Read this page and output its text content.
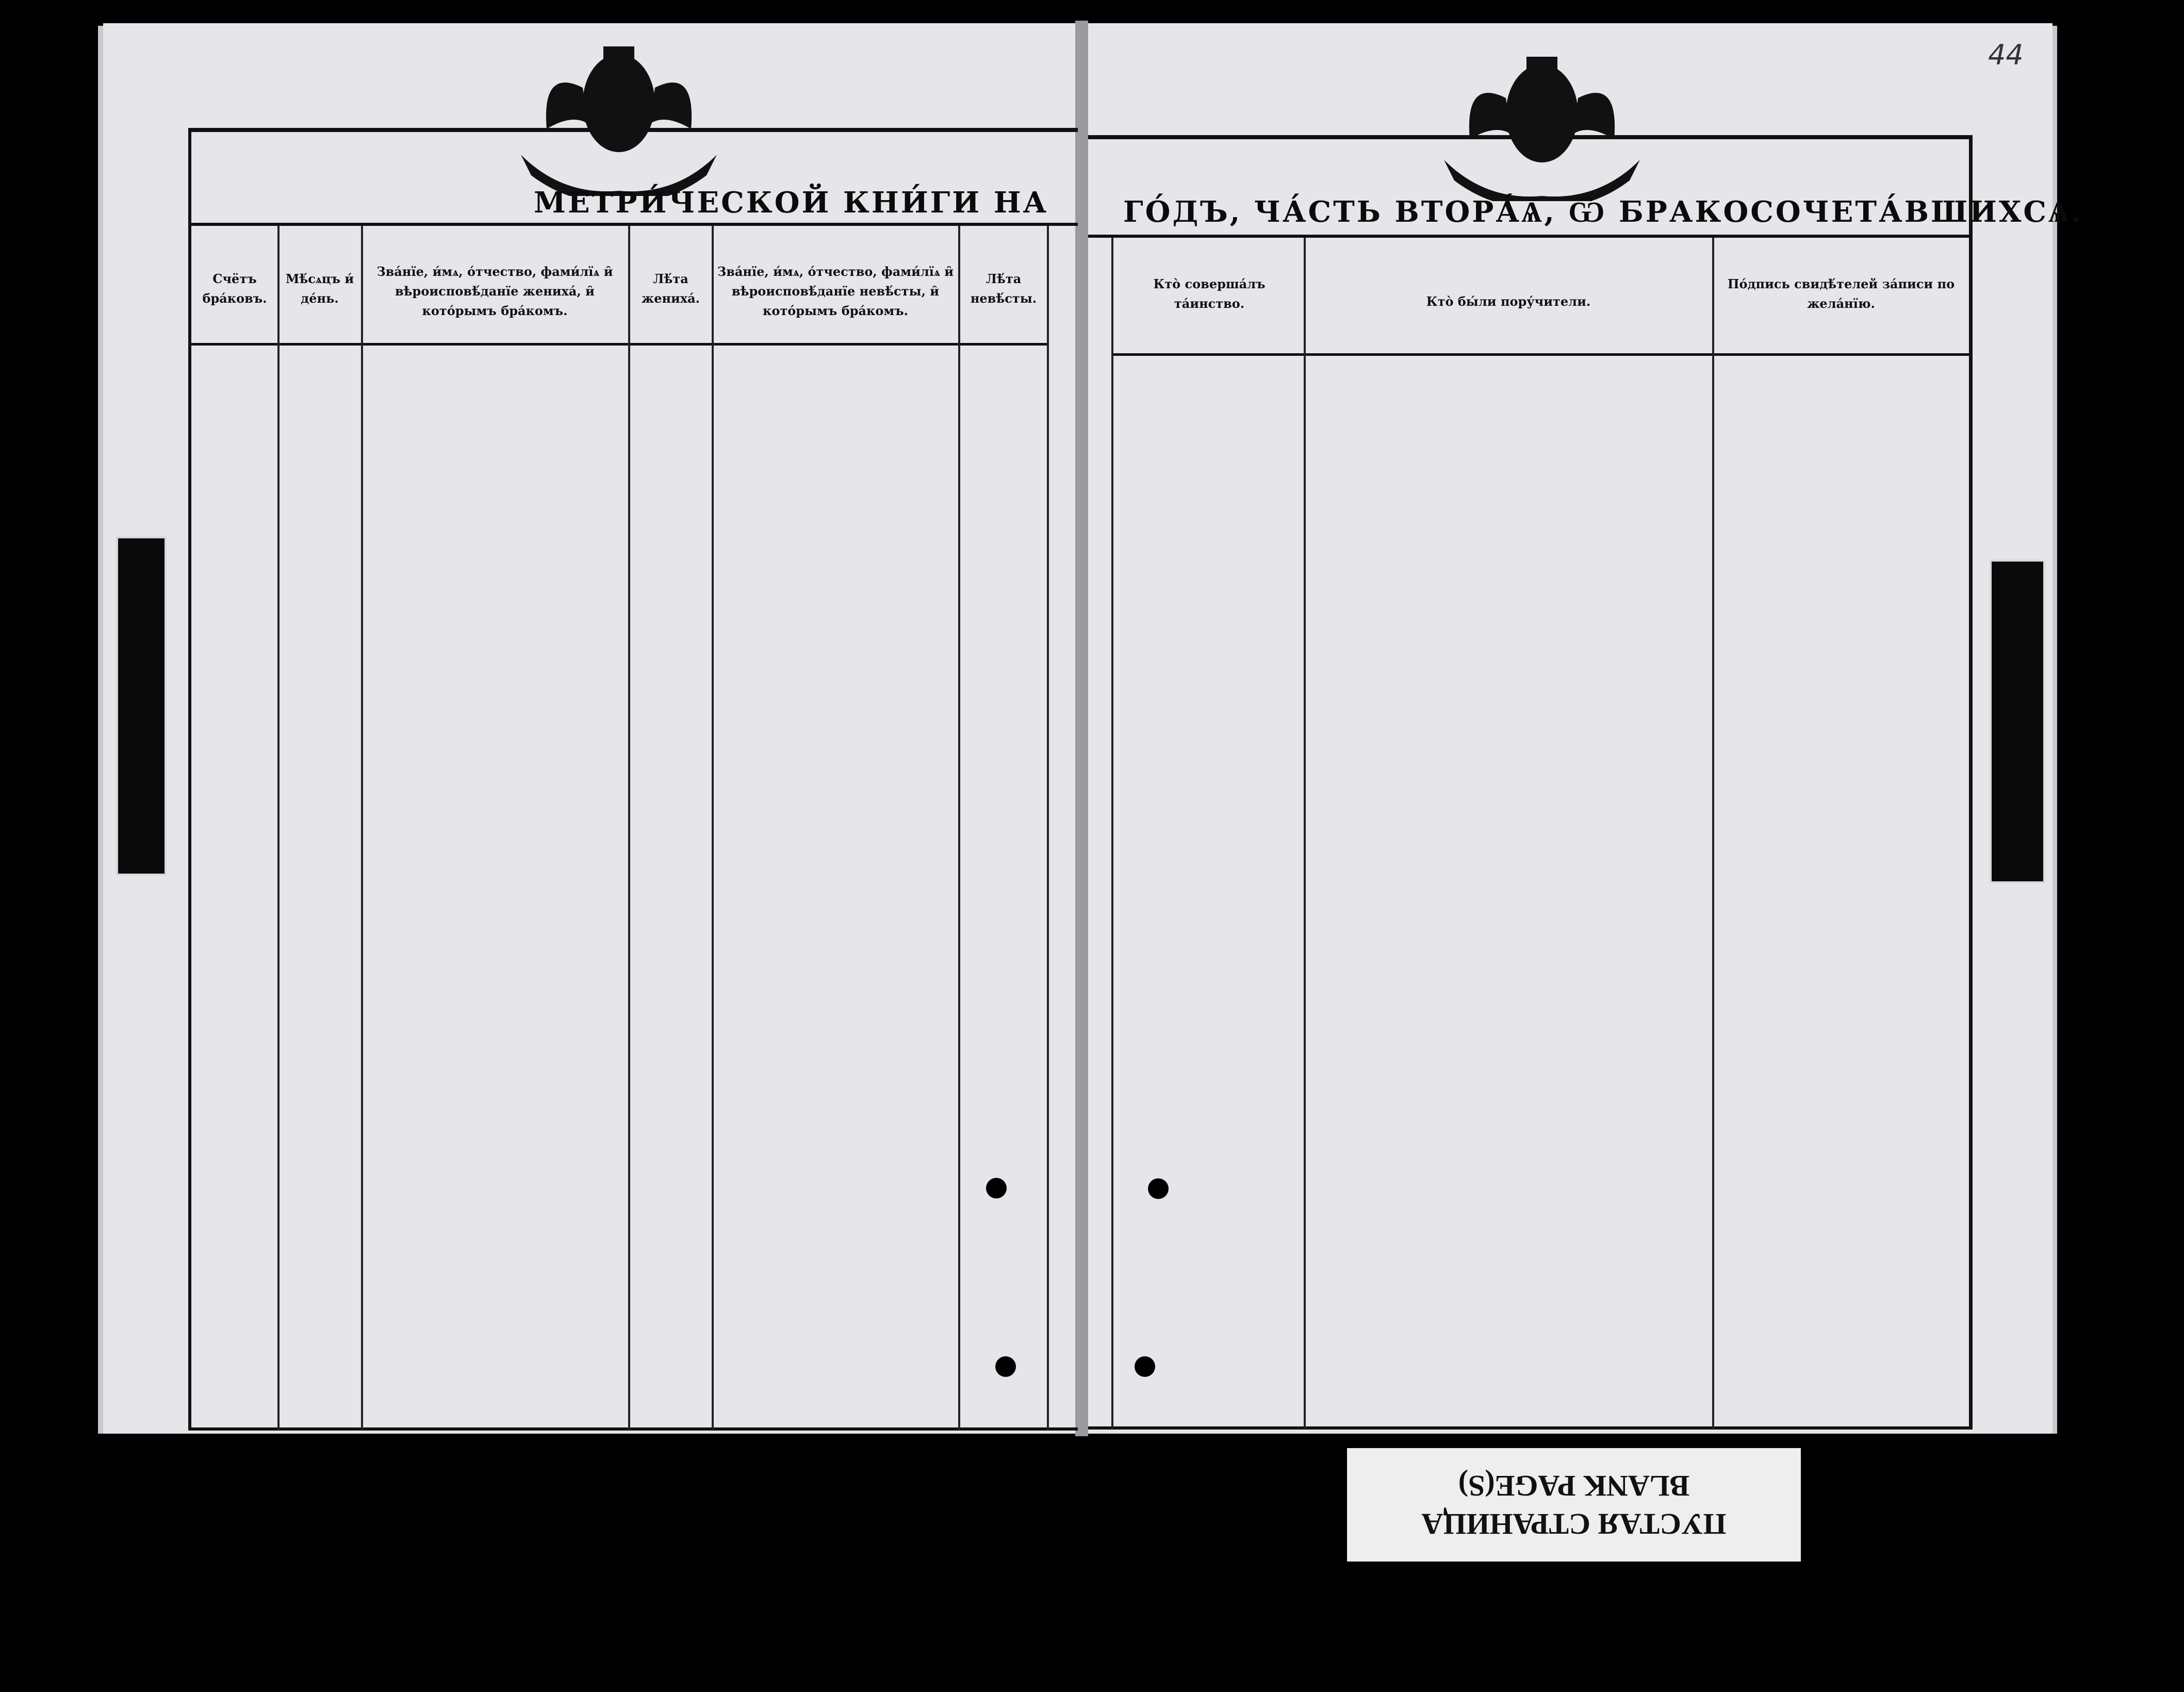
44
МЕТРИ́ЧЕСКОЙ КНИ́ГИ НА	ГО́ДЪ, ЧА́СТЬ ВТОРА́Ѧ, Ѿ БРАКОСОЧЕТА́ВШИХСѦ.
Счётъ бра́ковъ.
Мѣ́сѧцъ и́ де́нь.
Зва́нїе, и́мѧ, о́тчество, фами́лїѧ и̑ вѣроисповѣ́данїе жениха́, и̑ кото́рымъ бра́комъ.
Лѣ́та жениха́.
Зва́нїе, и́мѧ, о́тчество, фами́лїѧ и̑ вѣроисповѣ́данїе невѣ́сты, и̑ кото́рымъ бра́комъ.
Лѣ́та невѣ́сты.
Кто̀ соверша́лъ та́инство.	Кто̀ бы́ли пору́чители.
По́дпись свидѣ́телей за́писи по жела́нїю.
ПУСТАЯ СТРАНИЦА
BLANK PAGE(S)
